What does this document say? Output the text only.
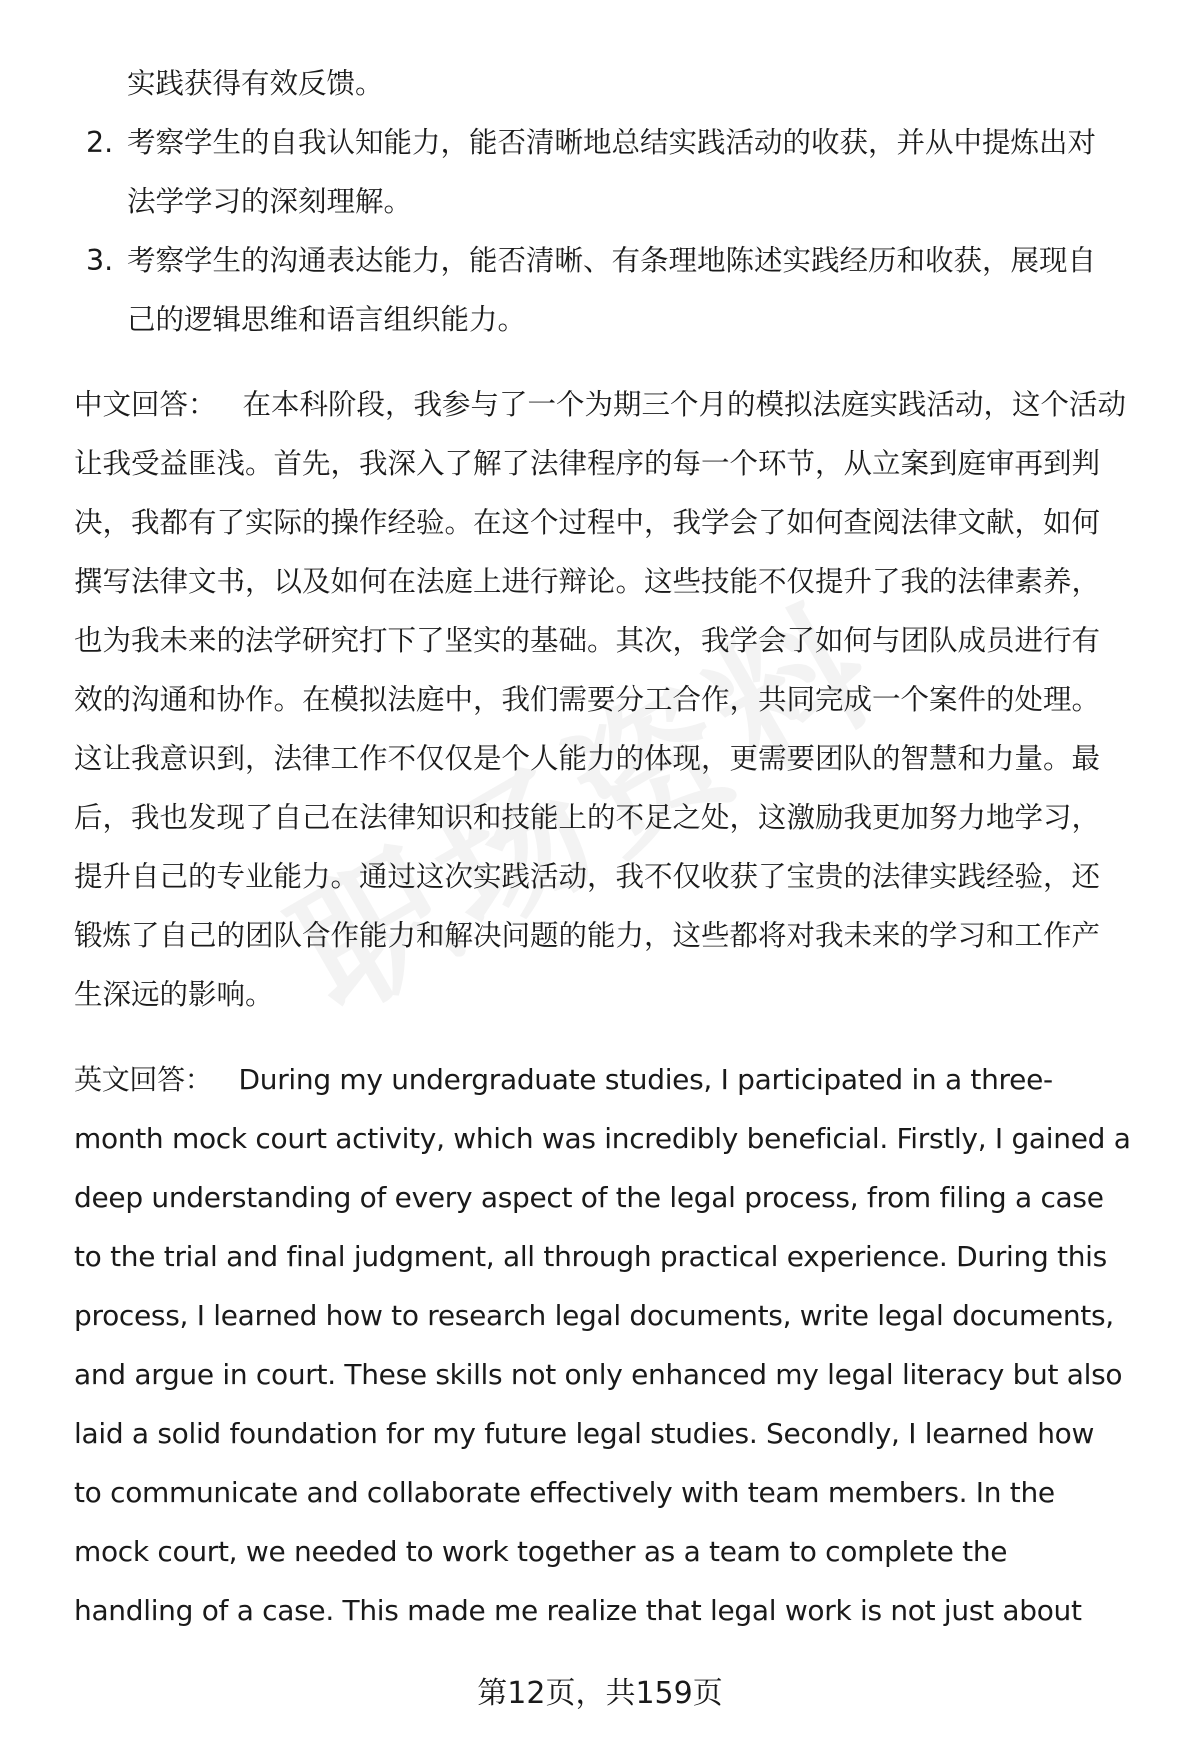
实践获得有效反馈。
2. 考察学生的自我认知能力，能否清晰地总结实践活动的收获，并从中提炼出对
法学学习的深刻理解。
3. 考察学生的沟通表达能力，能否清晰、有条理地陈述实践经历和收获，展现自
己的逻辑思维和语言组织能力。
中文回答： 在本科阶段，我参与了一个为期三个月的模拟法庭实践活动，这个活动
让我受益匪浅。首先，我深入了解了法律程序的每一个环节，从立案到庭审再到判
决，我都有了实际的操作经验。在这个过程中，我学会了如何查阅法律文献，如何
撰写法律文书，以及如何在法庭上进行辩论。这些技能不仅提升了我的法律素养，
也为我未来的法学研究打下了坚实的基础。其次，我学会了如何与团队成员进行有
效的沟通和协作。在模拟法庭中，我们需要分工合作，共同完成一个案件的处理。
这让我意识到，法律工作不仅仅是个人能力的体现，更需要团队的智慧和力量。最
后，我也发现了自己在法律知识和技能上的不足之处，这激励我更加努力地学习，
提升自己的专业能力。通过这次实践活动，我不仅收获了宝贵的法律实践经验，还
锻炼了自己的团队合作能力和解决问题的能力，这些都将对我未来的学习和工作产
生深远的影响。
英文回答： During my undergraduate studies, I participated in a three-
month mock court activity, which was incredibly beneficial. Firstly, I gained a
deep understanding of every aspect of the legal process, from filing a case
to the trial and final judgment, all through practical experience. During this
process, I learned how to research legal documents, write legal documents,
and argue in court. These skills not only enhanced my legal literacy but also
laid a solid foundation for my future legal studies. Secondly, I learned how
to communicate and collaborate effectively with team members. In the
mock court, we needed to work together as a team to complete the
handling of a case. This made me realize that legal work is not just about
第12页，共159页
